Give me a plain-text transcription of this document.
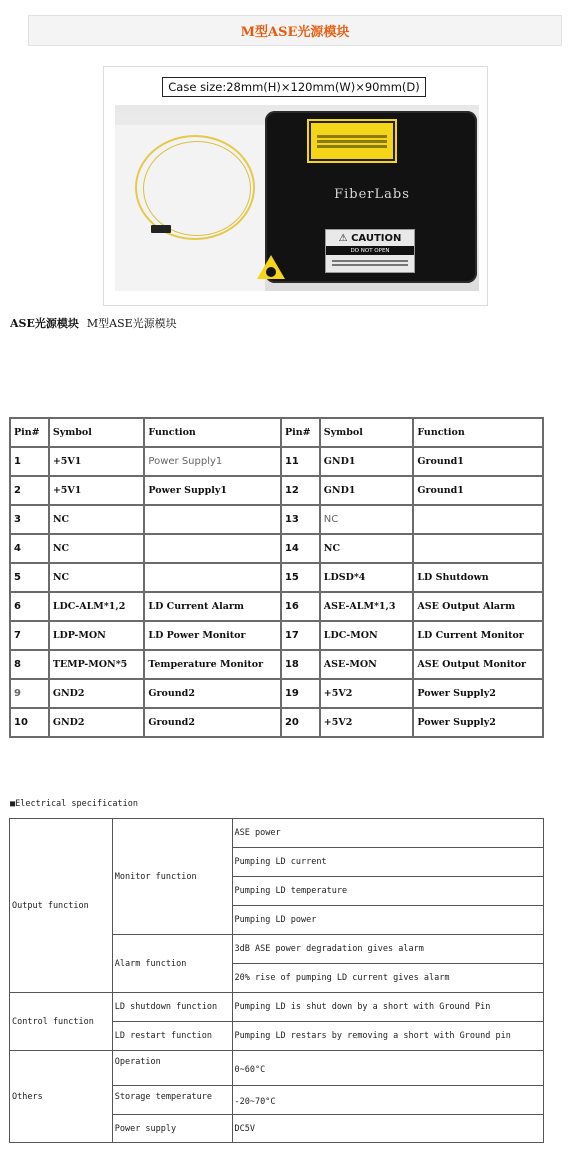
M型ASE光源模块
Case size:28mm(H)×120mm(W)×90mm(D)
FiberLabs

⚠ CAUTION
DO NOT OPEN
ASE光源模块 M型ASE光源模块
Pin#	Symbol	Function	Pin#	Symbol	Function
1	+5V1	Power Supply1	11	GND1	Ground1
2	+5V1	Power Supply1	12	GND1	Ground1
3	NC		13	NC	
4	NC		14	NC	
5	NC		15	LDSD*4	LD Shutdown
6	LDC-ALM*1,2	LD Current Alarm	16	ASE-ALM*1,3	ASE Output Alarm
7	LDP-MON	LD Power Monitor	17	LDC-MON	LD Current Monitor
8	TEMP-MON*5	Temperature Monitor	18	ASE-MON	ASE Output Monitor
9	GND2	Ground2	19	+5V2	Power Supply2
10	GND2	Ground2	20	+5V2	Power Supply2
■Electrical specification
Output function	Monitor function	ASE power
		Pumping LD current
		Pumping LD temperature
		Pumping LD power
	Alarm function	3dB ASE power degradation gives alarm
		20% rise of pumping LD current gives alarm
Control function	LD shutdown function	Pumping LD is shut down by a short with Ground Pin
	LD restart function	Pumping LD restars by removing a short with Ground pin
Others	Operation	0~60°C
	Storage temperature	-20~70°C
	Power supply	DC5V
